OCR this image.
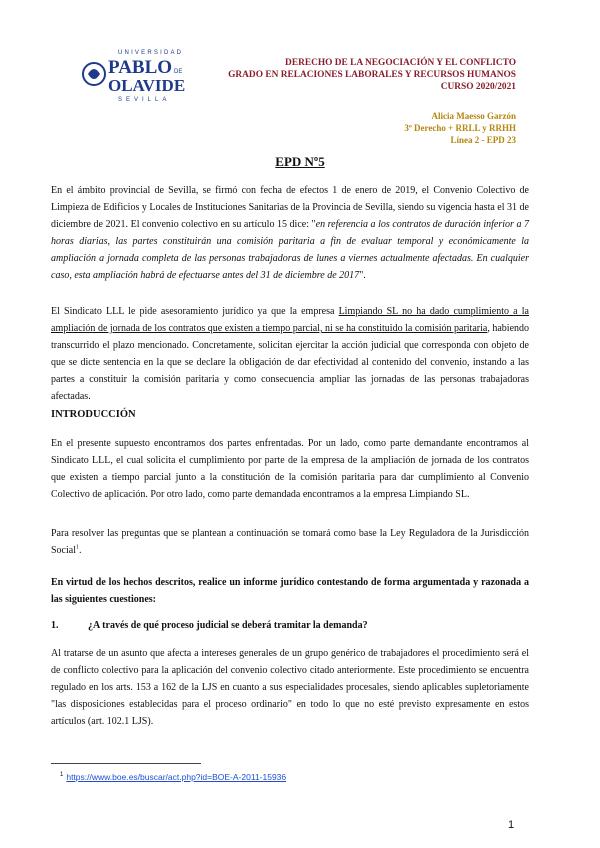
UNIVERSIDAD
PABLO DE
OLAVIDE
SEVILLA
DERECHO DE LA NEGOCIACIÓN Y EL CONFLICTO
GRADO EN RELACIONES LABORALES Y RECURSOS HUMANOS
CURSO 2020/2021
Alicia Maesso Garzón
3º Derecho + RRLL y RRHH
Línea 2 - EPD 23
EPD Nº5
En el ámbito provincial de Sevilla, se firmó con fecha de efectos 1 de enero de 2019, el Convenio Colectivo de Limpieza de Edificios y Locales de Instituciones Sanitarias de la Provincia de Sevilla, siendo su vigencia hasta el 31 de diciembre de 2021. El convenio colectivo en su artículo 15 dice: "en referencia a los contratos de duración inferior a 7 horas diarias, las partes constituirán una comisión paritaria a fin de evaluar temporal y económicamente la ampliación a jornada completa de las personas trabajadoras de lunes a viernes actualmente afectadas. En cualquier caso, esta ampliación habrá de efectuarse antes del 31 de diciembre de 2017".
El Sindicato LLL le pide asesoramiento jurídico ya que la empresa Limpiando SL no ha dado cumplimiento a la ampliación de jornada de los contratos que existen a tiempo parcial, ni se ha constituido la comisión paritaria, habiendo transcurrido el plazo mencionado. Concretamente, solicitan ejercitar la acción judicial que corresponda con objeto de que se dicte sentencia en la que se declare la obligación de dar efectividad al contenido del convenio, instando a las partes a constituir la comisión paritaria y como consecuencia ampliar las jornadas de las personas trabajadoras afectadas.
INTRODUCCIÓN
En el presente supuesto encontramos dos partes enfrentadas. Por un lado, como parte demandante encontramos al Sindicato LLL, el cual solicita el cumplimiento por parte de la empresa de la ampliación de jornada de los contratos que existen a tiempo parcial junto a la constitución de la comisión paritaria para dar cumplimiento al Convenio Colectivo de aplicación. Por otro lado, como parte demandada encontramos a la empresa Limpiando SL.
Para resolver las preguntas que se plantean a continuación se tomará como base la Ley Reguladora de la Jurisdicción Social$^1$.
En virtud de los hechos descritos, realice un informe jurídico contestando de forma argumentada y razonada a las siguientes cuestiones:
1.	¿A través de qué proceso judicial se deberá tramitar la demanda?
Al tratarse de un asunto que afecta a intereses generales de un grupo genérico de trabajadores el procedimiento será el de conflicto colectivo para la aplicación del convenio colectivo citado anteriormente. Este procedimiento se encuentra regulado en los arts. 153 a 162 de la LJS en cuanto a sus especialidades procesales, siendo aplicables supletoriamente "las disposiciones establecidas para el proceso ordinario" en todo lo que no esté previsto expresamente en estos artículos (art. 102.1 LJS).
$^1$ https://www.boe.es/buscar/act.php?id=BOE-A-2011-15936
1
